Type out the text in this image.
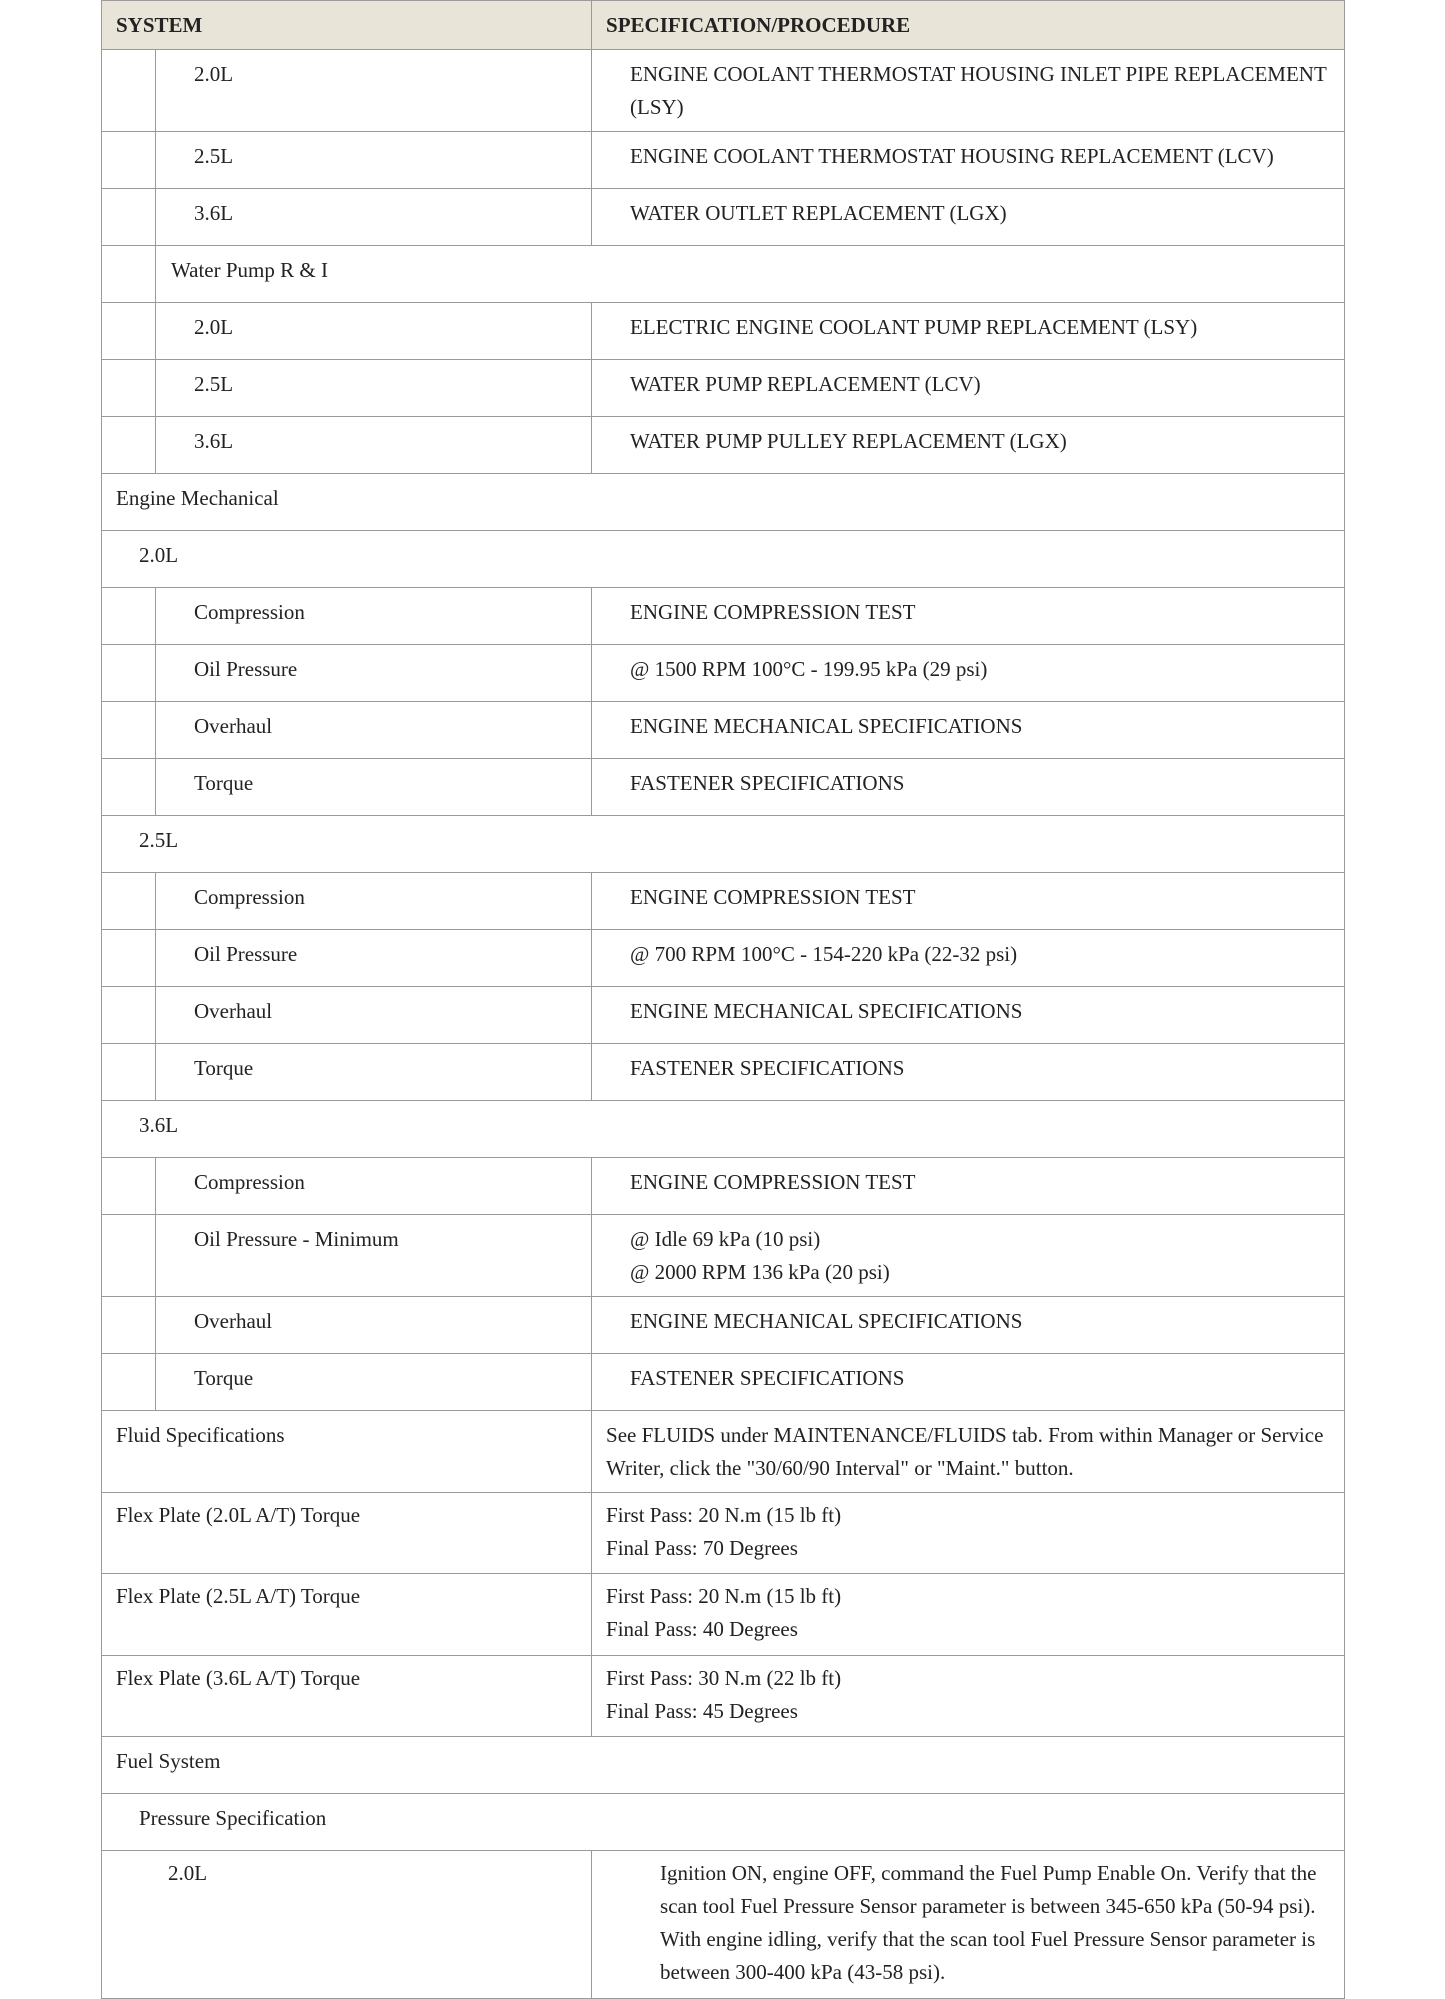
SYSTEM		SPECIFICATION/PROCEDURE
	2.0L	ENGINE COOLANT THERMOSTAT HOUSING INLET PIPE REPLACEMENT (LSY)
	2.5L	ENGINE COOLANT THERMOSTAT HOUSING REPLACEMENT (LCV)
	3.6L	WATER OUTLET REPLACEMENT (LGX)
	Water Pump R & I	
	2.0L	ELECTRIC ENGINE COOLANT PUMP REPLACEMENT (LSY)
	2.5L	WATER PUMP REPLACEMENT (LCV)
	3.6L	WATER PUMP PULLEY REPLACEMENT (LGX)
Engine Mechanical		
2.0L		
	Compression	ENGINE COMPRESSION TEST
	Oil Pressure	@ 1500 RPM 100°C - 199.95 kPa (29 psi)
	Overhaul	ENGINE MECHANICAL SPECIFICATIONS
	Torque	FASTENER SPECIFICATIONS
2.5L		
	Compression	ENGINE COMPRESSION TEST
	Oil Pressure	@ 700 RPM 100°C - 154-220 kPa (22-32 psi)
	Overhaul	ENGINE MECHANICAL SPECIFICATIONS
	Torque	FASTENER SPECIFICATIONS
3.6L		
	Compression	ENGINE COMPRESSION TEST
	Oil Pressure - Minimum	@ Idle 69 kPa (10 psi)
@ 2000 RPM 136 kPa (20 psi)

	Overhaul	ENGINE MECHANICAL SPECIFICATIONS
	Torque	FASTENER SPECIFICATIONS
Fluid Specifications		See FLUIDS under MAINTENANCE/FLUIDS tab. From within Manager or Service Writer, click the "30/60/90 Interval" or "Maint." button.
Flex Plate (2.0L A/T) Torque		First Pass: 20 N.m (15 lb ft)
Final Pass: 70 Degrees

Flex Plate (2.5L A/T) Torque		First Pass: 20 N.m (15 lb ft)
Final Pass: 40 Degrees

Flex Plate (3.6L A/T) Torque		First Pass: 30 N.m (22 lb ft)
Final Pass: 45 Degrees

Fuel System		
Pressure Specification		
2.0L		Ignition ON, engine OFF, command the Fuel Pump Enable On. Verify that the scan tool Fuel Pressure Sensor parameter is between 345-650 kPa (50-94 psi). With engine idling, verify that the scan tool Fuel Pressure Sensor parameter is between 300-400 kPa (43-58 psi).
